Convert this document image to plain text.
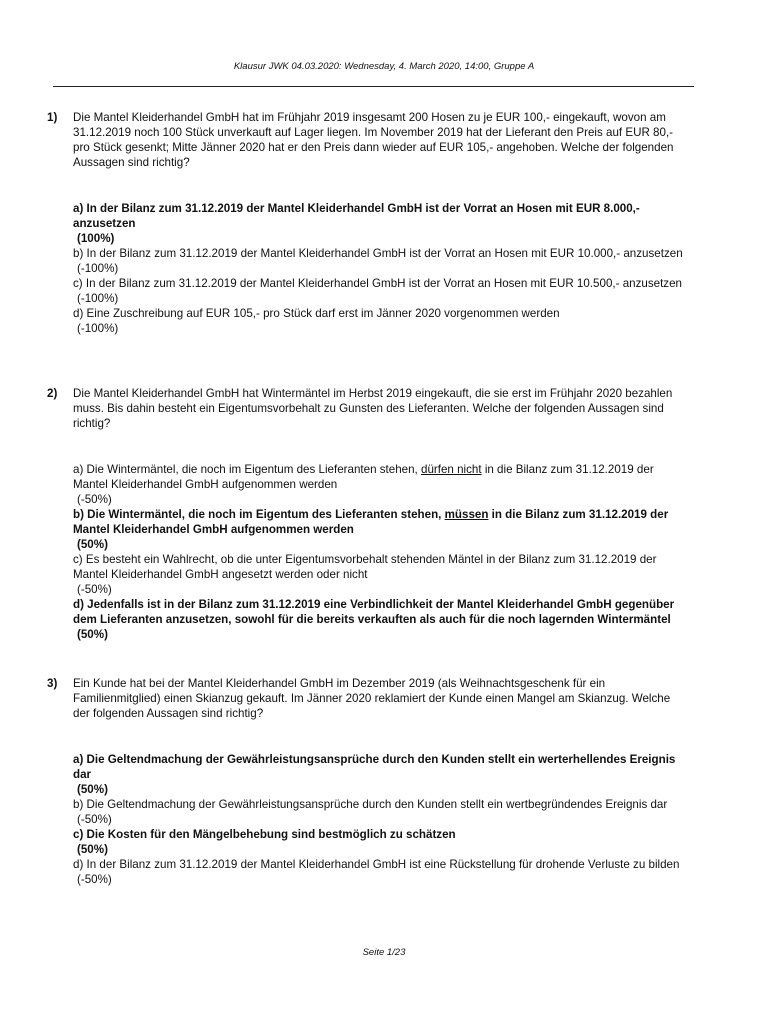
Klausur JWK 04.03.2020: Wednesday, 4. March 2020, 14:00, Gruppe A
1) Die Mantel Kleiderhandel GmbH hat im Frühjahr 2019 insgesamt 200 Hosen zu je EUR 100,- eingekauft, wovon am 31.12.2019 noch 100 Stück unverkauft auf Lager liegen. Im November 2019 hat der Lieferant den Preis auf EUR 80,- pro Stück gesenkt; Mitte Jänner 2020 hat er den Preis dann wieder auf EUR 105,- angehoben. Welche der folgenden Aussagen sind richtig?
a) In der Bilanz zum 31.12.2019 der Mantel Kleiderhandel GmbH ist der Vorrat an Hosen mit EUR 8.000,- anzusetzen
(100%)
b) In der Bilanz zum 31.12.2019 der Mantel Kleiderhandel GmbH ist der Vorrat an Hosen mit EUR 10.000,- anzusetzen
(-100%)
c) In der Bilanz zum 31.12.2019 der Mantel Kleiderhandel GmbH ist der Vorrat an Hosen mit EUR 10.500,- anzusetzen
(-100%)
d) Eine Zuschreibung auf EUR 105,- pro Stück darf erst im Jänner 2020 vorgenommen werden
(-100%)
2) Die Mantel Kleiderhandel GmbH hat Wintermäntel im Herbst 2019 eingekauft, die sie erst im Frühjahr 2020 bezahlen muss. Bis dahin besteht ein Eigentumsvorbehalt zu Gunsten des Lieferanten. Welche der folgenden Aussagen sind richtig?
a) Die Wintermäntel, die noch im Eigentum des Lieferanten stehen, dürfen nicht in die Bilanz zum 31.12.2019 der Mantel Kleiderhandel GmbH aufgenommen werden
(-50%)
b) Die Wintermäntel, die noch im Eigentum des Lieferanten stehen, müssen in die Bilanz zum 31.12.2019 der Mantel Kleiderhandel GmbH aufgenommen werden
(50%)
c) Es besteht ein Wahlrecht, ob die unter Eigentumsvorbehalt stehenden Mäntel in der Bilanz zum 31.12.2019 der Mantel Kleiderhandel GmbH angesetzt werden oder nicht
(-50%)
d) Jedenfalls ist in der Bilanz zum 31.12.2019 eine Verbindlichkeit der Mantel Kleiderhandel GmbH gegenüber dem Lieferanten anzusetzen, sowohl für die bereits verkauften als auch für die noch lagernden Wintermäntel
(50%)
3) Ein Kunde hat bei der Mantel Kleiderhandel GmbH im Dezember 2019 (als Weihnachtsgeschenk für ein Familienmitglied) einen Skianzug gekauft. Im Jänner 2020 reklamiert der Kunde einen Mangel am Skianzug. Welche der folgenden Aussagen sind richtig?
a) Die Geltendmachung der Gewährleistungsansprüche durch den Kunden stellt ein werterhellendes Ereignis dar
(50%)
b) Die Geltendmachung der Gewährleistungsansprüche durch den Kunden stellt ein wertbegründendes Ereignis dar
(-50%)
c) Die Kosten für den Mängelbehebung sind bestmöglich zu schätzen
(50%)
d) In der Bilanz zum 31.12.2019 der Mantel Kleiderhandel GmbH ist eine Rückstellung für drohende Verluste zu bilden
(-50%)
Seite 1/23
